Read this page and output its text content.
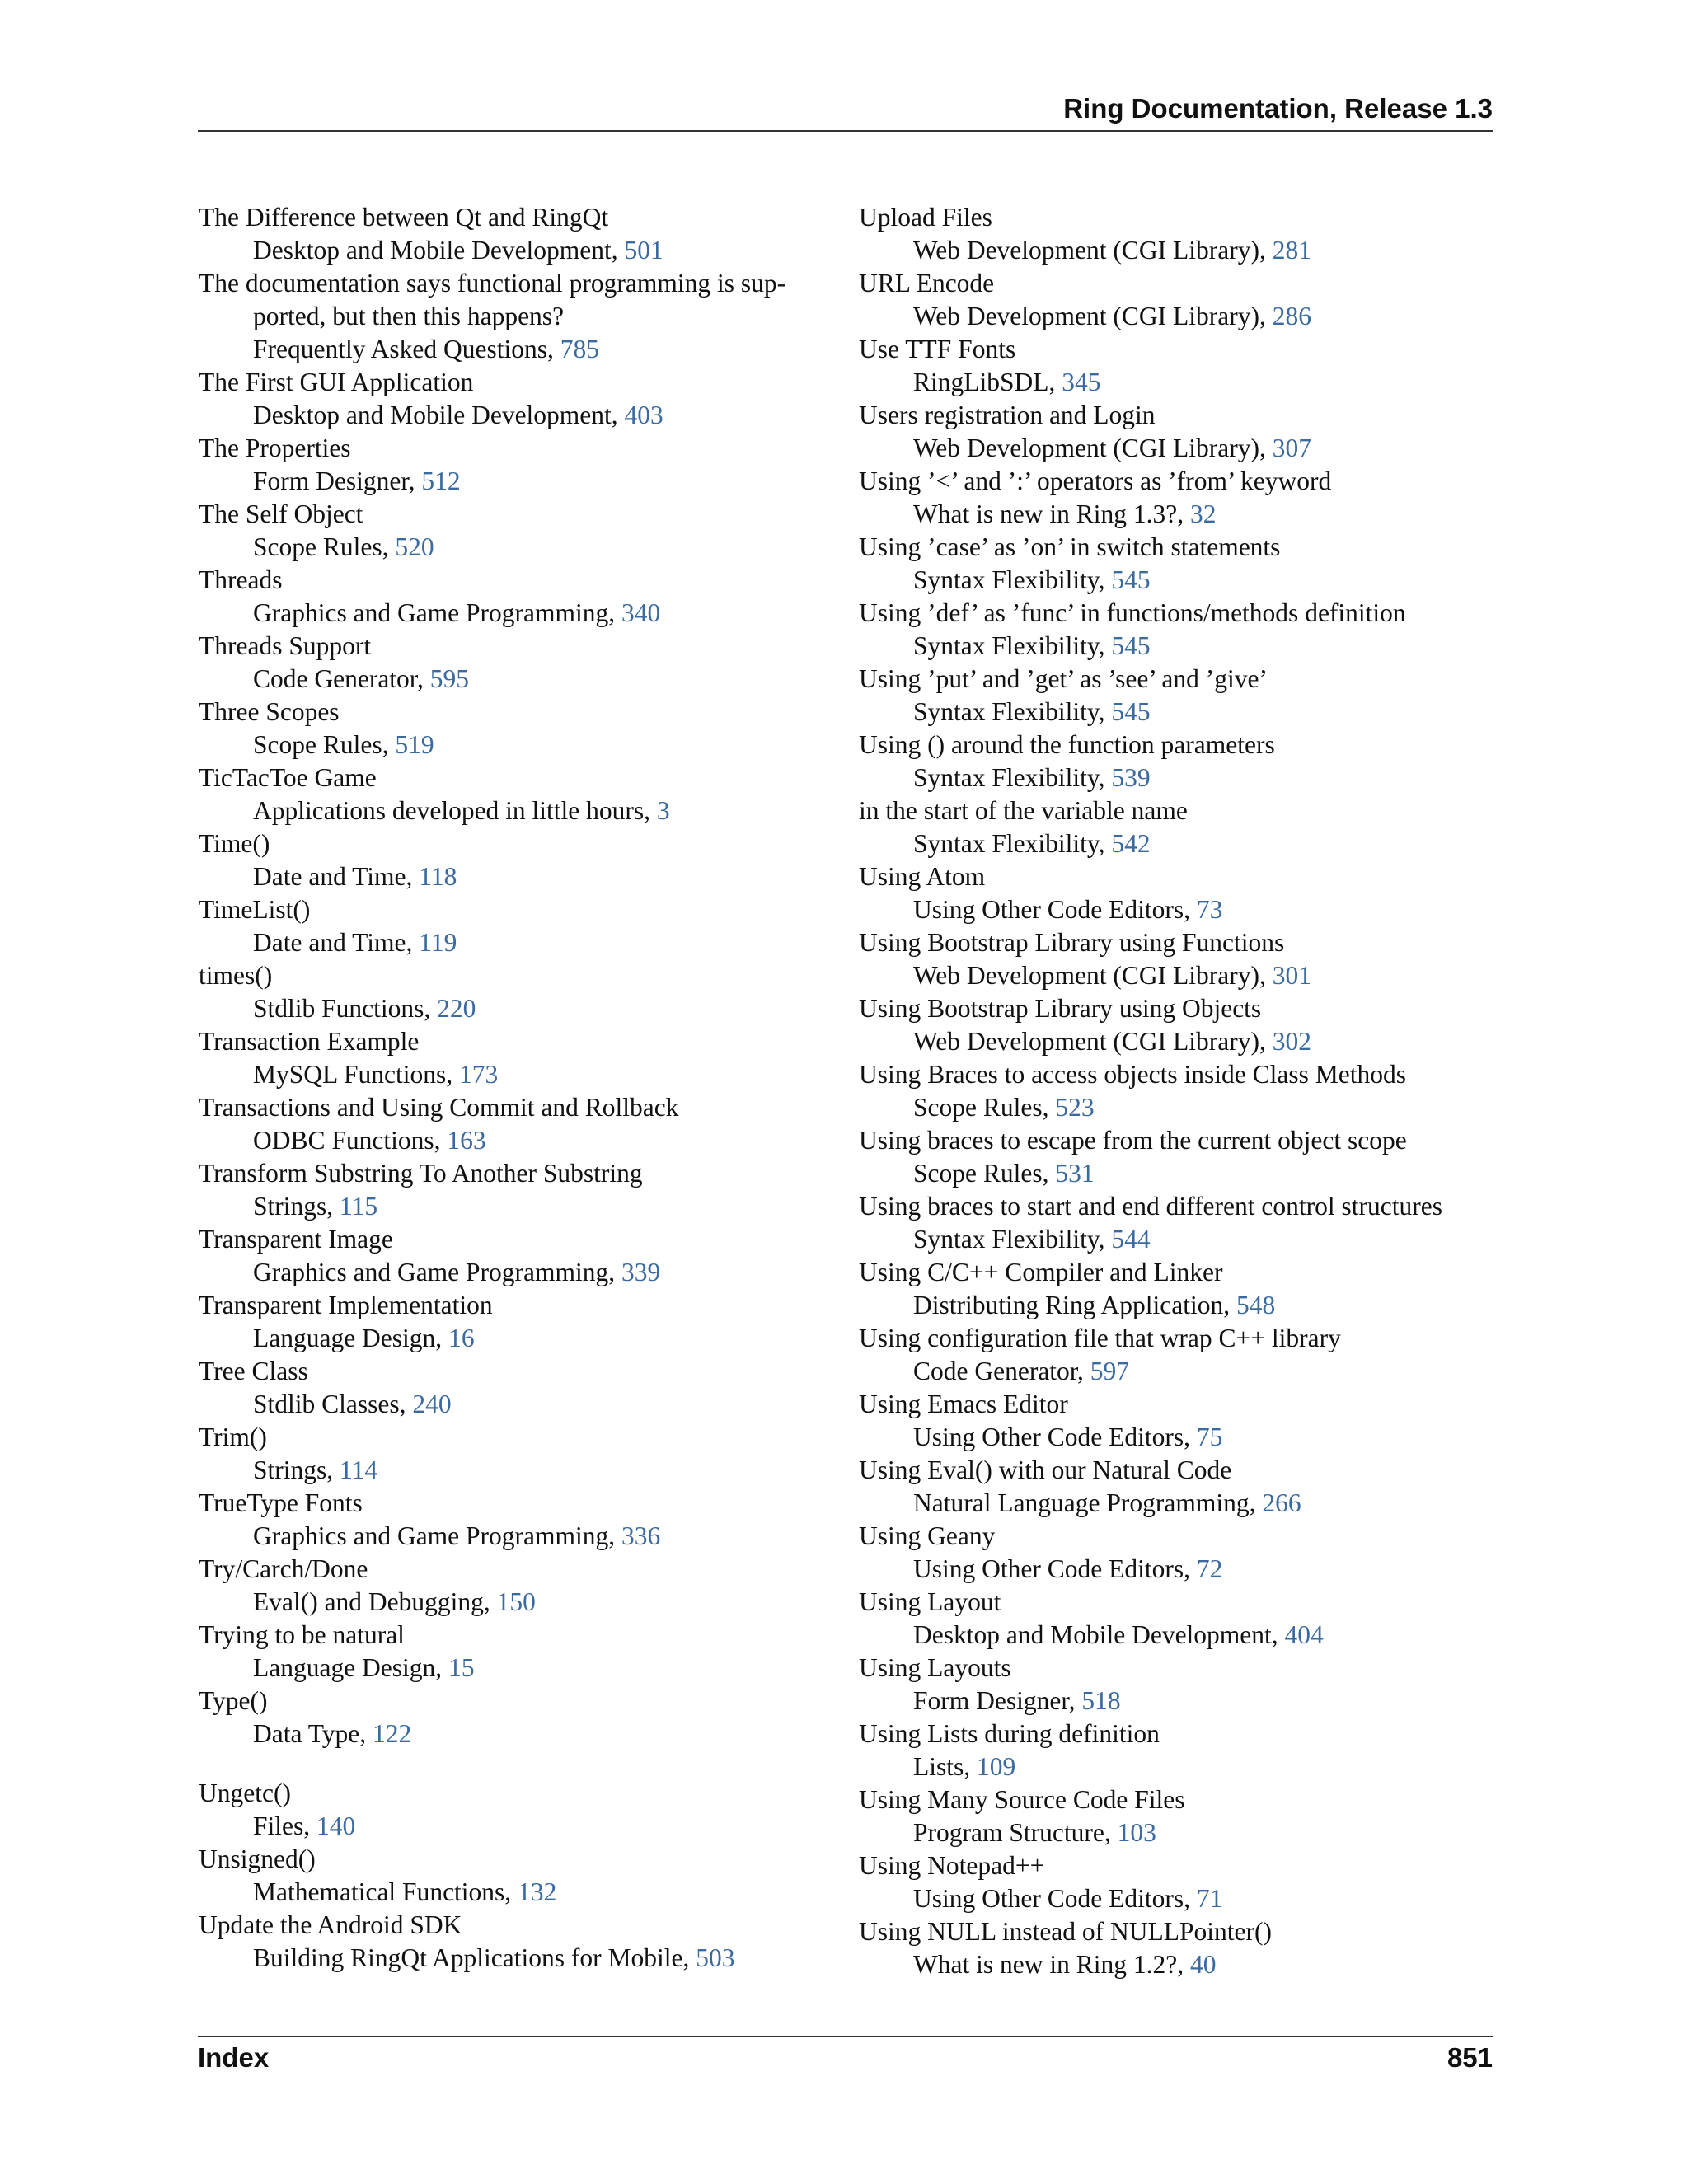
Ring Documentation, Release 1.3
The Difference between Qt and RingQt
Desktop and Mobile Development, 501
The documentation says functional programming is sup-
ported, but then this happens?
Frequently Asked Questions, 785
The First GUI Application
Desktop and Mobile Development, 403
The Properties
Form Designer, 512
The Self Object
Scope Rules, 520
Threads
Graphics and Game Programming, 340
Threads Support
Code Generator, 595
Three Scopes
Scope Rules, 519
TicTacToe Game
Applications developed in little hours, 3
Time()
Date and Time, 118
TimeList()
Date and Time, 119
times()
Stdlib Functions, 220
Transaction Example
MySQL Functions, 173
Transactions and Using Commit and Rollback
ODBC Functions, 163
Transform Substring To Another Substring
Strings, 115
Transparent Image
Graphics and Game Programming, 339
Transparent Implementation
Language Design, 16
Tree Class
Stdlib Classes, 240
Trim()
Strings, 114
TrueType Fonts
Graphics and Game Programming, 336
Try/Carch/Done
Eval() and Debugging, 150
Trying to be natural
Language Design, 15
Type()
Data Type, 122
Ungetc()
Files, 140
Unsigned()
Mathematical Functions, 132
Update the Android SDK
Building RingQt Applications for Mobile, 503
Upload Files
Web Development (CGI Library), 281
URL Encode
Web Development (CGI Library), 286
Use TTF Fonts
RingLibSDL, 345
Users registration and Login
Web Development (CGI Library), 307
Using ’<’ and ’:’ operators as ’from’ keyword
What is new in Ring 1.3?, 32
Using ’case’ as ’on’ in switch statements
Syntax Flexibility, 545
Using ’def’ as ’func’ in functions/methods definition
Syntax Flexibility, 545
Using ’put’ and ’get’ as ’see’ and ’give’
Syntax Flexibility, 545
Using () around the function parameters
Syntax Flexibility, 539
in the start of the variable name
Syntax Flexibility, 542
Using Atom
Using Other Code Editors, 73
Using Bootstrap Library using Functions
Web Development (CGI Library), 301
Using Bootstrap Library using Objects
Web Development (CGI Library), 302
Using Braces to access objects inside Class Methods
Scope Rules, 523
Using braces to escape from the current object scope
Scope Rules, 531
Using braces to start and end different control structures
Syntax Flexibility, 544
Using C/C++ Compiler and Linker
Distributing Ring Application, 548
Using configuration file that wrap C++ library
Code Generator, 597
Using Emacs Editor
Using Other Code Editors, 75
Using Eval() with our Natural Code
Natural Language Programming, 266
Using Geany
Using Other Code Editors, 72
Using Layout
Desktop and Mobile Development, 404
Using Layouts
Form Designer, 518
Using Lists during definition
Lists, 109
Using Many Source Code Files
Program Structure, 103
Using Notepad++
Using Other Code Editors, 71
Using NULL instead of NULLPointer()
What is new in Ring 1.2?, 40
Index	851
